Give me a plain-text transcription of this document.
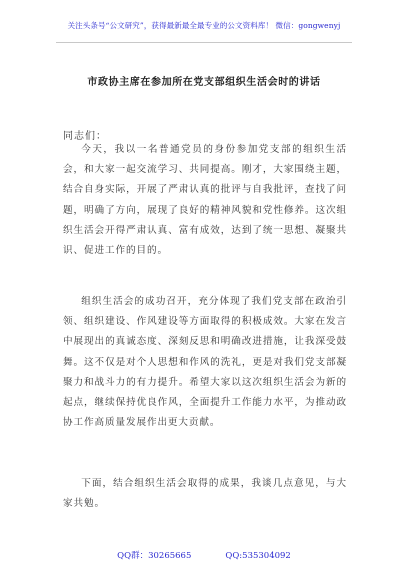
关注头条号“公文研究”，获得最新最全最专业的公文资料库！ 微信：gongwenyj
市政协主席在参加所在党支部组织生活会时的讲话
同志们：

今天，我以一名普通党员的身份参加党支部的组织生活会，和大家一起交流学习、共同提高。刚才，大家围绕主题，结合自身实际，开展了严肃认真的批评与自我批评，查找了问题，明确了方向，展现了良好的精神风貌和党性修养。这次组织生活会开得严肃认真、富有成效，达到了统一思想、凝聚共识、促进工作的目的。

组织生活会的成功召开，充分体现了我们党支部在政治引领、组织建设、作风建设等方面取得的积极成效。大家在发言中展现出的真诚态度、深刻反思和明确改进措施，让我深受鼓舞。这不仅是对个人思想和作风的洗礼，更是对我们党支部凝聚力和战斗力的有力提升。希望大家以这次组织生活会为新的起点，继续保持优良作风，全面提升工作能力水平，为推动政协工作高质量发展作出更大贡献。

下面，结合组织生活会取得的成果，我谈几点意见，与大家共勉。

QQ群：30265665	QQ:535304092
